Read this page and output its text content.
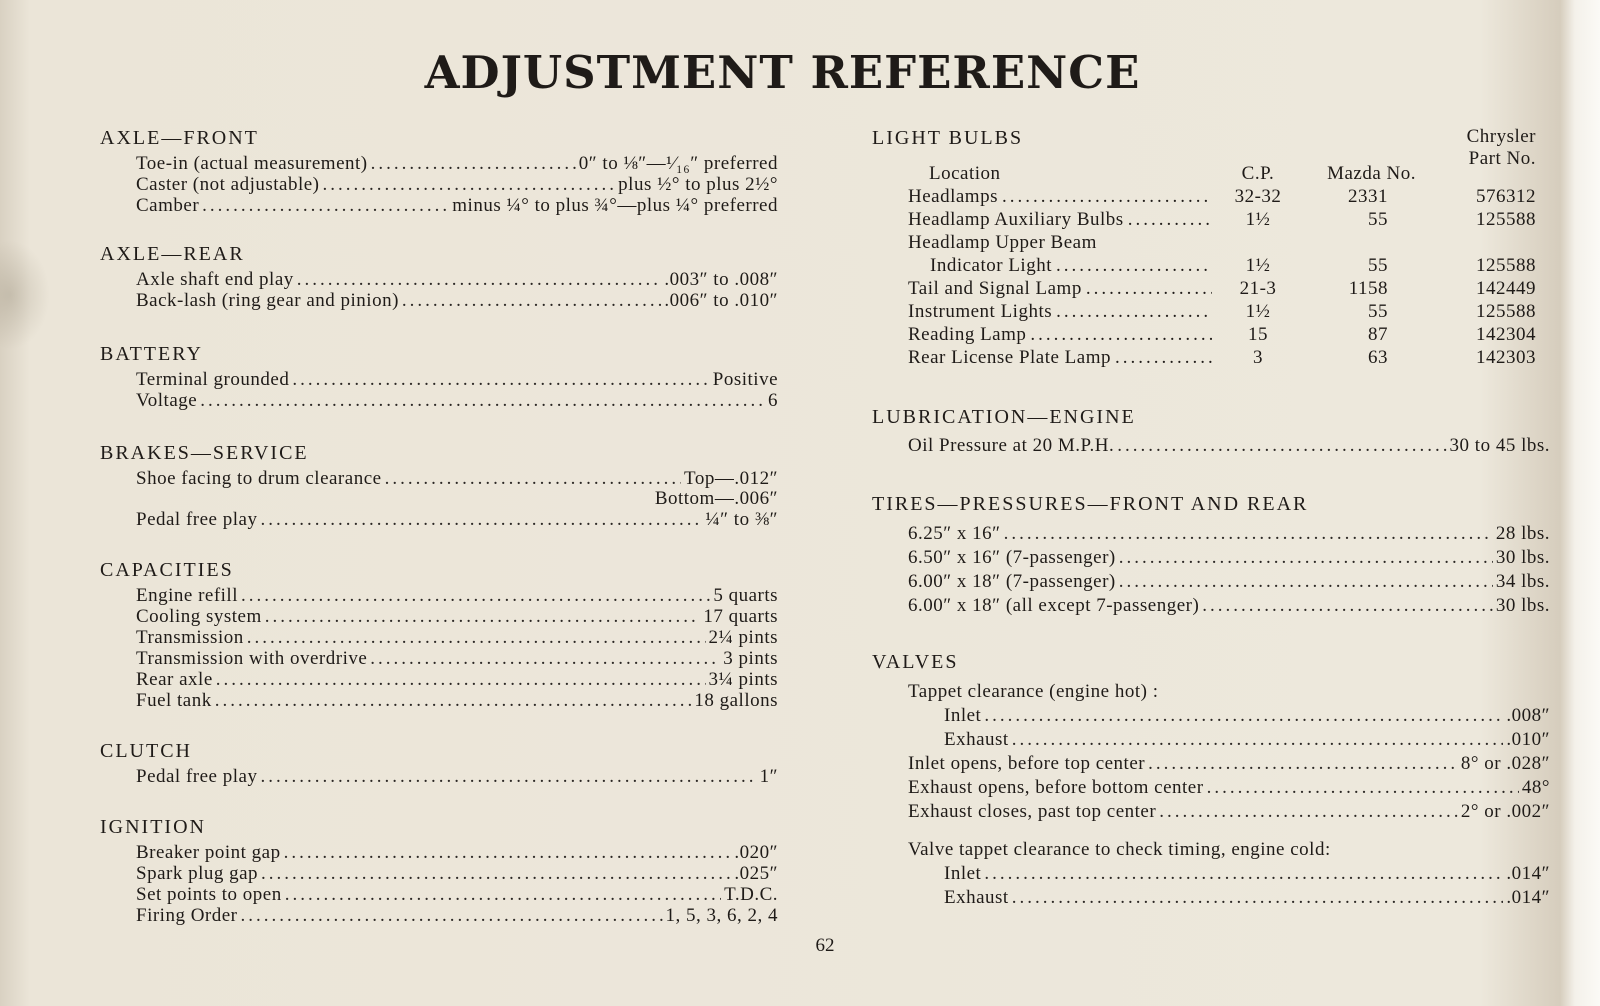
ADJUSTMENT REFERENCE
AXLE—FRONT
Toe-in (actual measurement) .....	0″ to ⅛″—¹⁄₁₆″ preferred
Caster (not adjustable) .....	plus ½° to plus 2½°
Camber .....	minus ¼° to plus ¾°—plus ¼° preferred
AXLE—REAR
Axle shaft end play .....	.003″ to .008″
Back-lash (ring gear and pinion) .....	.006″ to .010″
BATTERY
Terminal grounded .....	Positive
Voltage .....	6
BRAKES—SERVICE
Shoe facing to drum clearance .....	Top—.012″
Bottom—.006″
Pedal free play .....	¼″ to ⅜″
CAPACITIES
Engine refill .....	5 quarts
Cooling system .....	17 quarts
Transmission .....	2¼ pints
Transmission with overdrive .....	3 pints
Rear axle .....	3¼ pints
Fuel tank .....	18 gallons
CLUTCH
Pedal free play .....	1″
IGNITION
Breaker point gap .....	.020″
Spark plug gap .....	.025″
Set points to open .....	T.D.C.
Firing Order .....	1, 5, 3, 6, 2, 4
LIGHT BULBS
Location	C.P.	Mazda No.
Chrysler
Part No.
Headlamps .....	32-32	2331	576312
Headlamp Auxiliary Bulbs .....	1½	55	125588
Headlamp Upper Beam
Indicator Light .....	1½	55	125588
Tail and Signal Lamp .....	21-3	1158	142449
Instrument Lights .....	1½	55	125588
Reading Lamp .....	15	87	142304
Rear License Plate Lamp .....	3	63	142303
LUBRICATION—ENGINE
Oil Pressure at 20 M.P.H. .....	30 to 45 lbs.
TIRES—PRESSURES—FRONT AND REAR
6.25″ x 16″ .....	28 lbs.
6.50″ x 16″ (7-passenger) .....	30 lbs.
6.00″ x 18″ (7-passenger) .....	34 lbs.
6.00″ x 18″ (all except 7-passenger) .....	30 lbs.
VALVES
Tappet clearance (engine hot) :
Inlet .....	.008″
Exhaust .....	.010″
Inlet opens, before top center .....	8° or .028″
Exhaust opens, before bottom center .....	48°
Exhaust closes, past top center .....	2° or .002″
Valve tappet clearance to check timing, engine cold:
Inlet .....	.014″
Exhaust .....	.014″
62
